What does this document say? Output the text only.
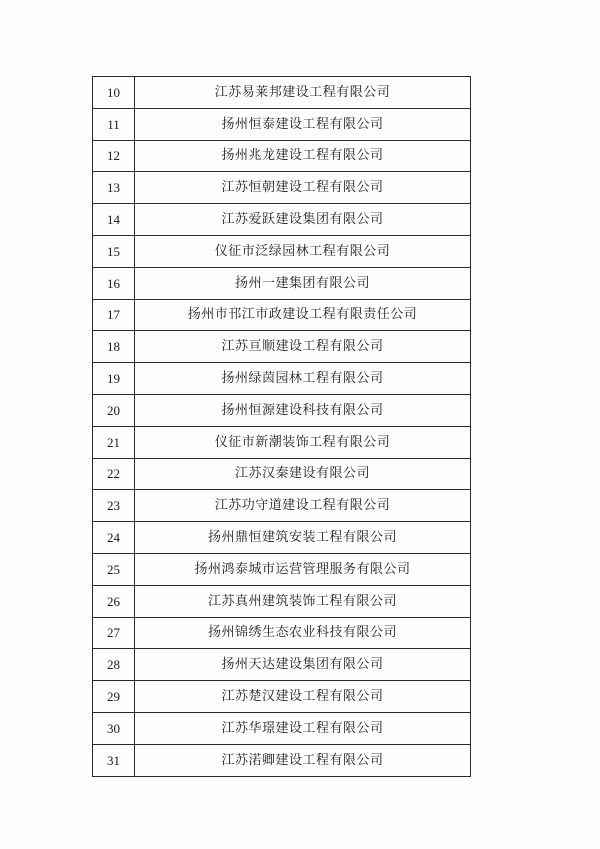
10	江苏易莱邦建设工程有限公司
11	扬州恒泰建设工程有限公司
12	扬州兆龙建设工程有限公司
13	江苏恒朝建设工程有限公司
14	江苏爱跃建设集团有限公司
15	仪征市泛绿园林工程有限公司
16	扬州一建集团有限公司
17	扬州市邗江市政建设工程有限责任公司
18	江苏亘顺建设工程有限公司
19	扬州绿茵园林工程有限公司
20	扬州恒源建设科技有限公司
21	仪征市新潮装饰工程有限公司
22	江苏汉秦建设有限公司
23	江苏功守道建设工程有限公司
24	扬州鼎恒建筑安装工程有限公司
25	扬州鸿泰城市运营管理服务有限公司
26	江苏真州建筑装饰工程有限公司
27	扬州锦绣生态农业科技有限公司
28	扬州天达建设集团有限公司
29	江苏楚汉建设工程有限公司
30	江苏华璟建设工程有限公司
31	江苏渃卿建设工程有限公司
